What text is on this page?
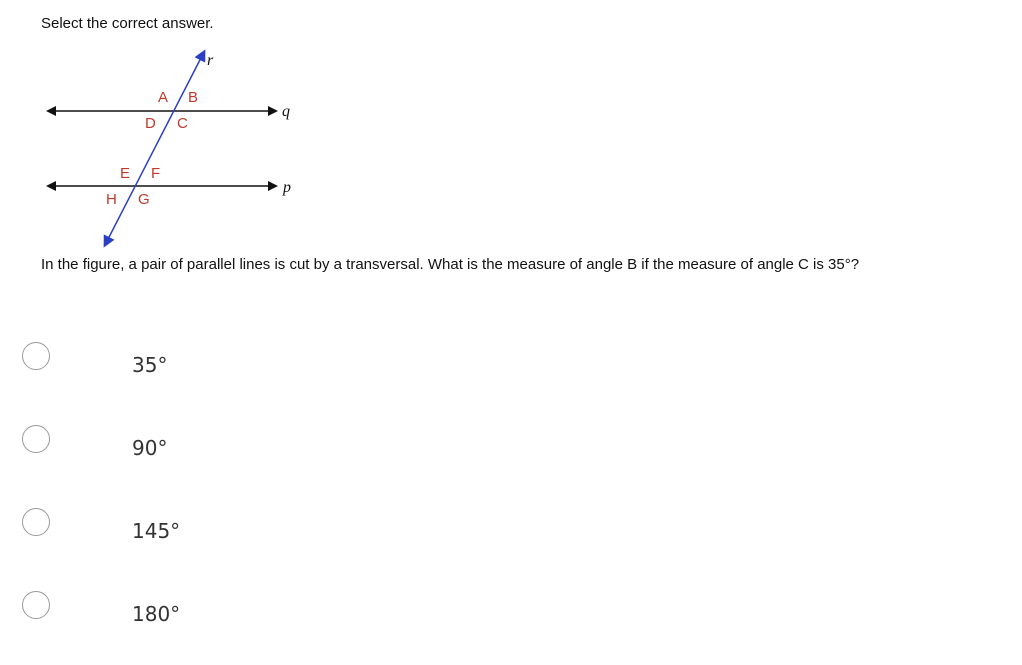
Select the correct answer.
r
q
p
A B
D C
E F
H G
In the figure, a pair of parallel lines is cut by a transversal. What is the measure of angle B if the measure of angle C is 35°?
35°
90°
145°
180°
